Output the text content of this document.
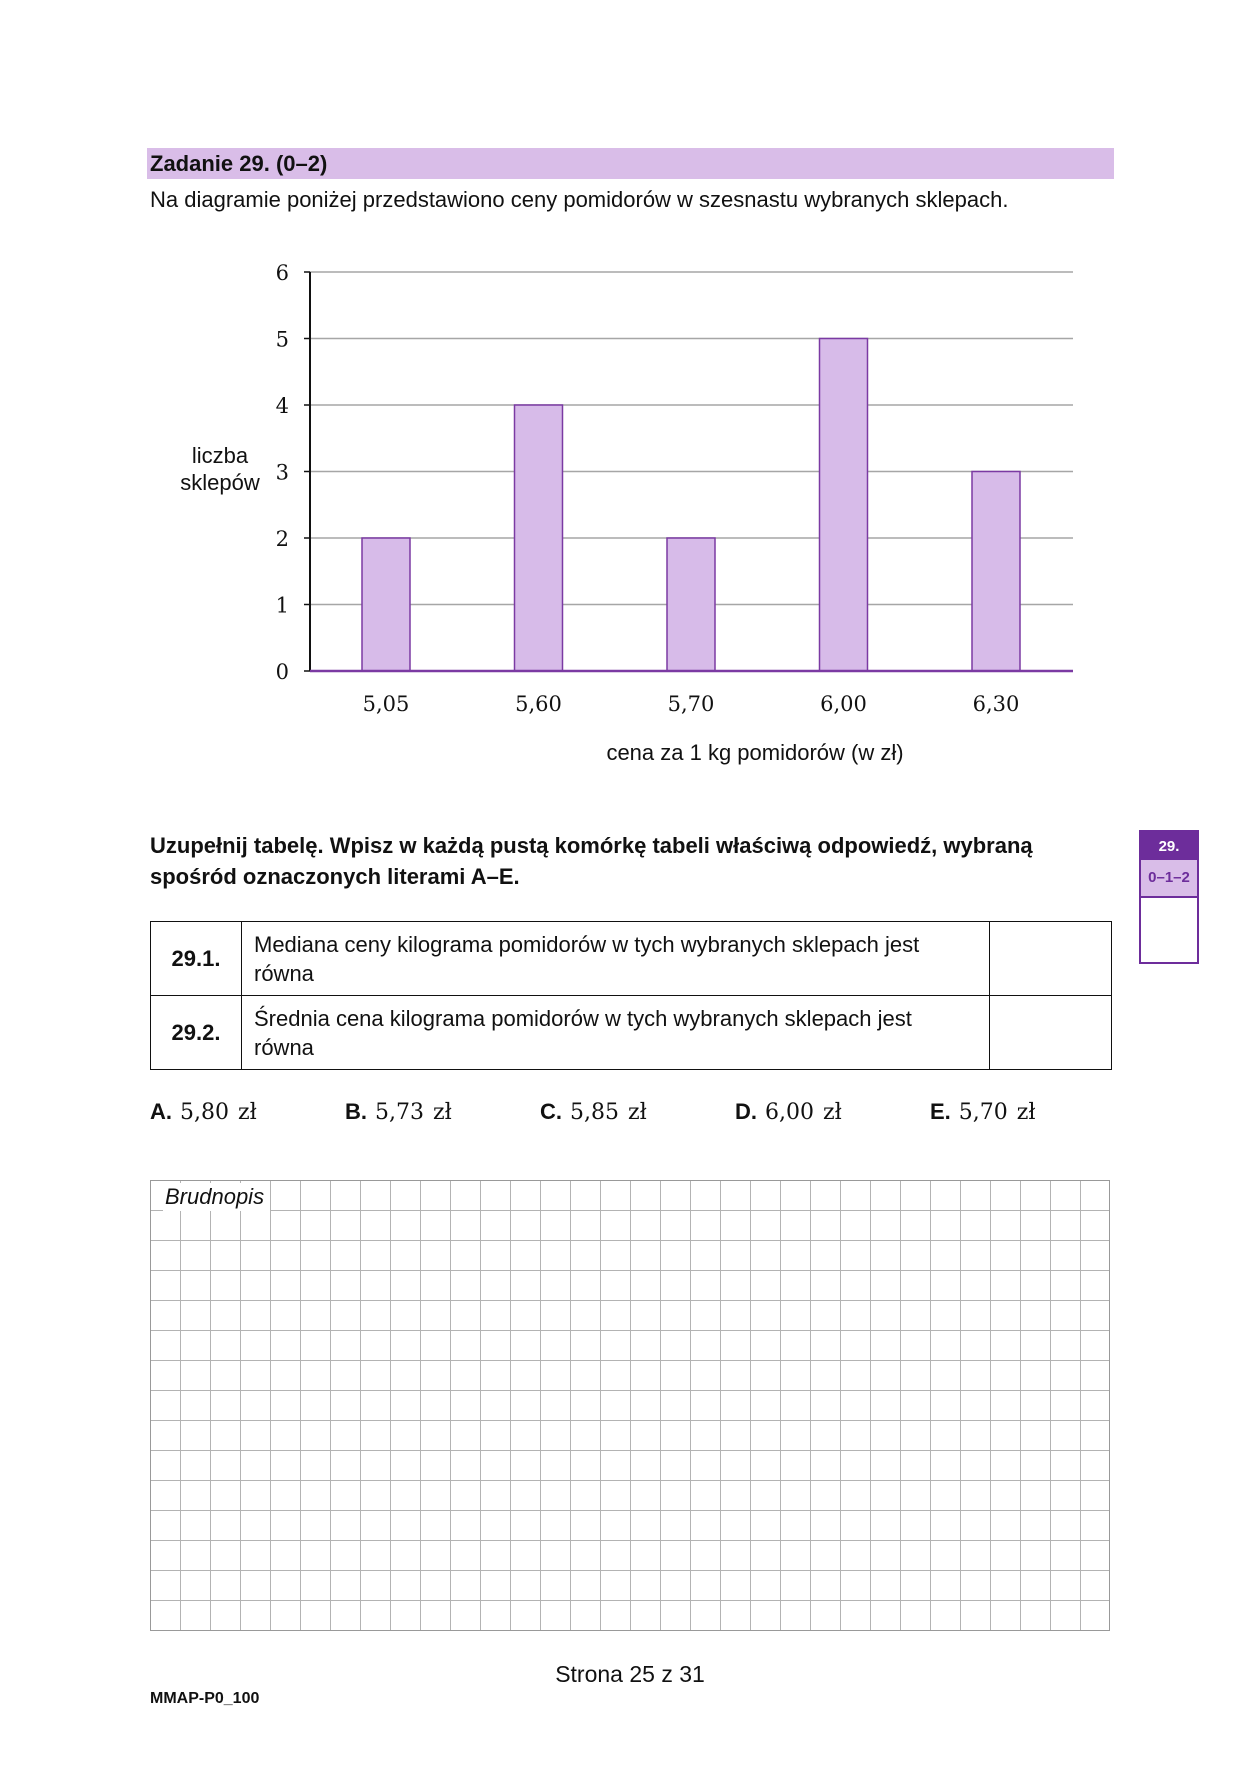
Zadanie 29. (0–2)
Na diagramie poniżej przedstawiono ceny pomidorów w szesnastu wybranych sklepach.
0
1
2
3
4
5
6
5,05	5,60	5,70	6,00	6,30
liczba
sklepów
cena za 1 kg pomidorów (w zł)
Uzupełnij tabelę. Wpisz w każdą pustą komórkę tabeli właściwą odpowiedź, wybraną spośród oznaczonych literami A–E.
29.
0–1–2
29.1.	Mediana ceny kilograma pomidorów w tych wybranych sklepach jest równa	
29.2.	Średnia cena kilograma pomidorów w tych wybranych sklepach jest równa	
A. 5,80 zł	B. 5,73 zł	C. 5,85 zł	D. 6,00 zł	E. 5,70 zł
Brudnopis
Strona 25 z 31
MMAP-P0_100
